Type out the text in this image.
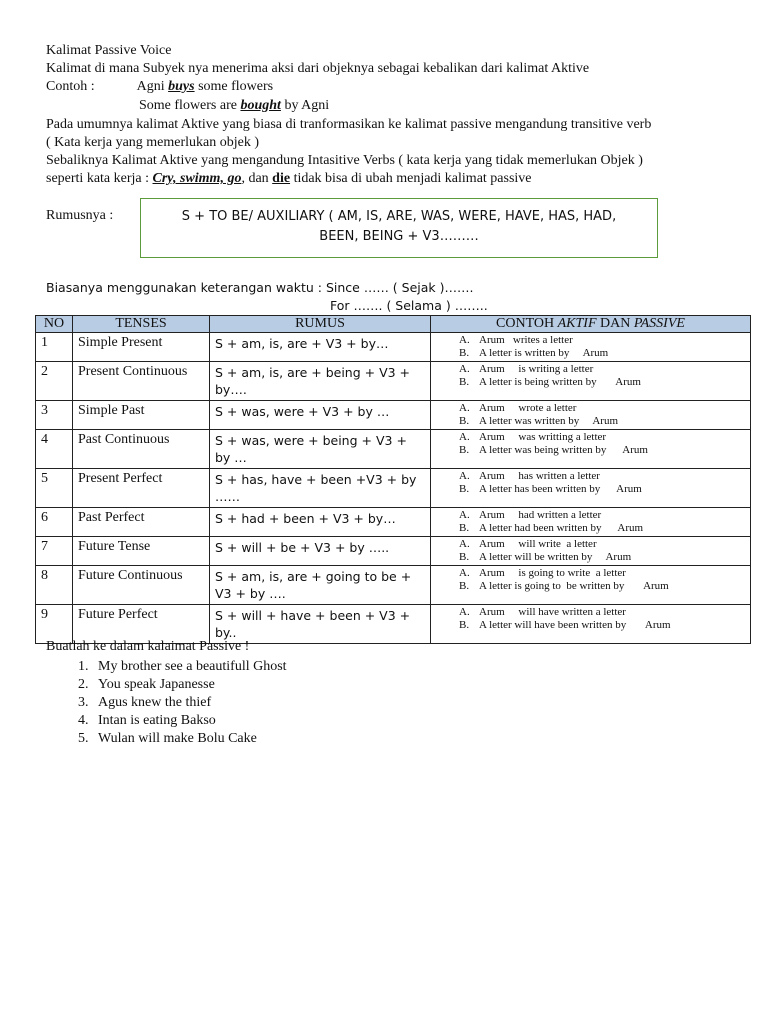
Kalimat Passive Voice
Kalimat di mana Subyek nya menerima aksi dari objeknya sebagai kebalikan dari kalimat Aktive
Contoh :	Agni buys some flowers
Some flowers are bought by Agni
Pada umumnya kalimat Aktive yang biasa di tranformasikan ke kalimat passive mengandung transitive verb
( Kata kerja yang memerlukan objek )
Sebaliknya Kalimat Aktive yang mengandung Intasitive Verbs ( kata kerja yang tidak memerlukan Objek )
seperti kata kerja : Cry, swimm, go, dan die tidak bisa di ubah menjadi kalimat passive
Rumusnya :	S + TO BE/ AUXILIARY ( AM, IS, ARE, WAS, WERE, HAVE, HAS, HAD,
BEEN, BEING + V3………
Biasanya menggunakan keterangan waktu : Since …… ( Sejak )…….
For ……. ( Selama ) ……..
NO	TENSES	RUMUS	CONTOH AKTIF DAN PASSIVE
1	Simple Present	S + am, is, are + V3 + by…	A. Arum   writes a letter
B. A letter is written by     Arum

2	Present Continuous	S + am, is, are + being + V3 + by….	A. Arum     is writing a letter
B. A letter is being written by       Arum

3	Simple Past	S + was, were + V3 + by …	A. Arum     wrote a letter
B. A letter was written by     Arum

4	Past Continuous	S + was, were + being + V3 + by …	A. Arum     was writting a letter
B. A letter was being written by      Arum

5	Present Perfect	S + has, have + been +V3 + by ……	A. Arum     has written a letter
B. A letter has been written by      Arum

6	Past Perfect	S + had + been + V3 + by…	A. Arum     had written a letter
B. A letter had been written by      Arum

7	Future Tense	S + will + be + V3 + by …..	A. Arum     will write  a letter
B. A letter will be written by     Arum

8	Future Continuous	S + am, is, are + going to be + V3 + by ….	A. Arum     is going to write  a letter
B. A letter is going to  be written by       Arum

9	Future Perfect	S + will + have + been + V3 + by..	A. Arum     will have written a letter
B. A letter will have been written by       Arum
Buatlah ke dalam kalaimat Passive !
1. My brother see a beautifull Ghost
2. You speak Japanesse
3. Agus knew the thief
4. Intan is eating Bakso
5. Wulan will make Bolu Cake
